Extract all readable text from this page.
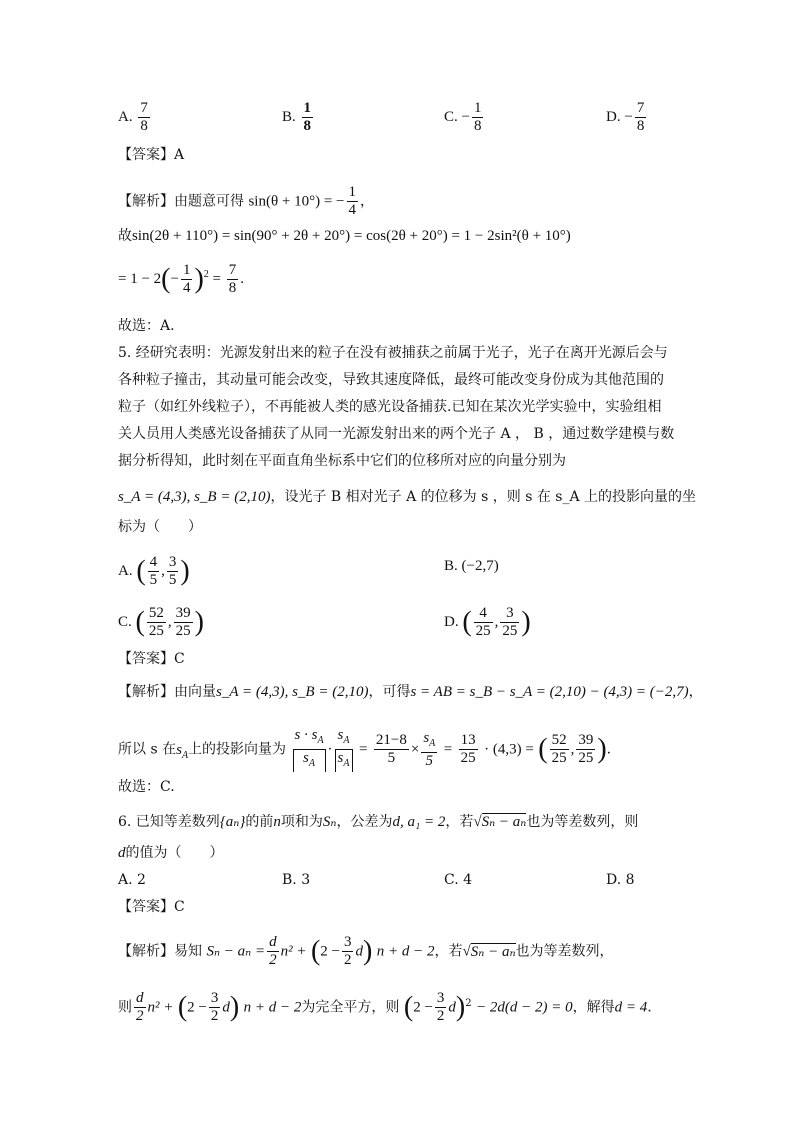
A. $\frac{7}{8}$	B. $\frac{1}{8}$	C. − $\frac{1}{8}$	D. − $\frac{7}{8}$
【答案】A
【解析】由题意可得 sin(θ + 10°) = − $\frac{1}{4}$ ，
故sin(2θ + 110°) = sin(90° + 2θ + 20°) = cos(2θ + 20°) = 1 − 2sin²(θ + 10°)
= $1 - 2(- \frac{1}{4} )^2 = \frac{7}{8}$ .
故选：A.
5. 经研究表明：光源发射出来的粒子在没有被捕获之前属于光子，光子在离开光源后会与
各种粒子撞击，其动量可能会改变，导致其速度降低，最终可能改变身份成为其他范围的
粒子（如红外线粒子），不再能被人类的感光设备捕获.已知在某次光学实验中，实验组相
关人员用人类感光设备捕获了从同一光源发射出来的两个光子 A ， B ，通过数学建模与数
据分析得知，此时刻在平面直角坐标系中它们的位移所对应的向量分别为
s_A = (4,3), s_B = (2,10)，设光子 B 相对光子 A 的位移为 s ，则 s 在 s_A 上的投影向量的坐
标为（　　）
A. ( $\frac{4}{5}$ , $\frac{3}{5}$ )	B. (−2,7)
C. ( $\frac{52}{25}$ , $\frac{39}{25}$ )	D. ( $\frac{4}{25}$ , $\frac{3}{25}$ )
【答案】C
【解析】由向量s_A = (4,3), s_B = (2,10)，可得s = AB = s_B − s_A = (2,10) − (4,3) = (−2,7)，
所以 s 在$s_A$上的投影向量为 $\frac{s \cdot s_A}{s_A} \cdot \frac{s_A}{s_A} = \frac{21-8}{5} \times \frac{s_A}{5} = \frac{13}{25} \cdot (4,3)$ = ( $\frac{52}{25}$ , $\frac{39}{25}$ ).
故选：C.
6. 已知等差数列{aₙ}的前n项和为Sₙ，公差为d, a₁ = 2，若√Sₙ − aₙ也为等差数列，则
d的值为（　　）
A. 2	B. 3	C. 4	D. 8
【答案】C
【解析】易知 $S_n - a_n = \frac{d}{2} n^2 + (2 - \frac{3}{2} d) n + d - 2$，若√Sₙ − aₙ也为等差数列，
则 $\frac{d}{2} n^2 + (2 - \frac{3}{2} d) n + d - 2$为完全平方，则 $(2 - \frac{3}{2} d)^2 - 2d(d - 2) = 0$，解得d = 4.
